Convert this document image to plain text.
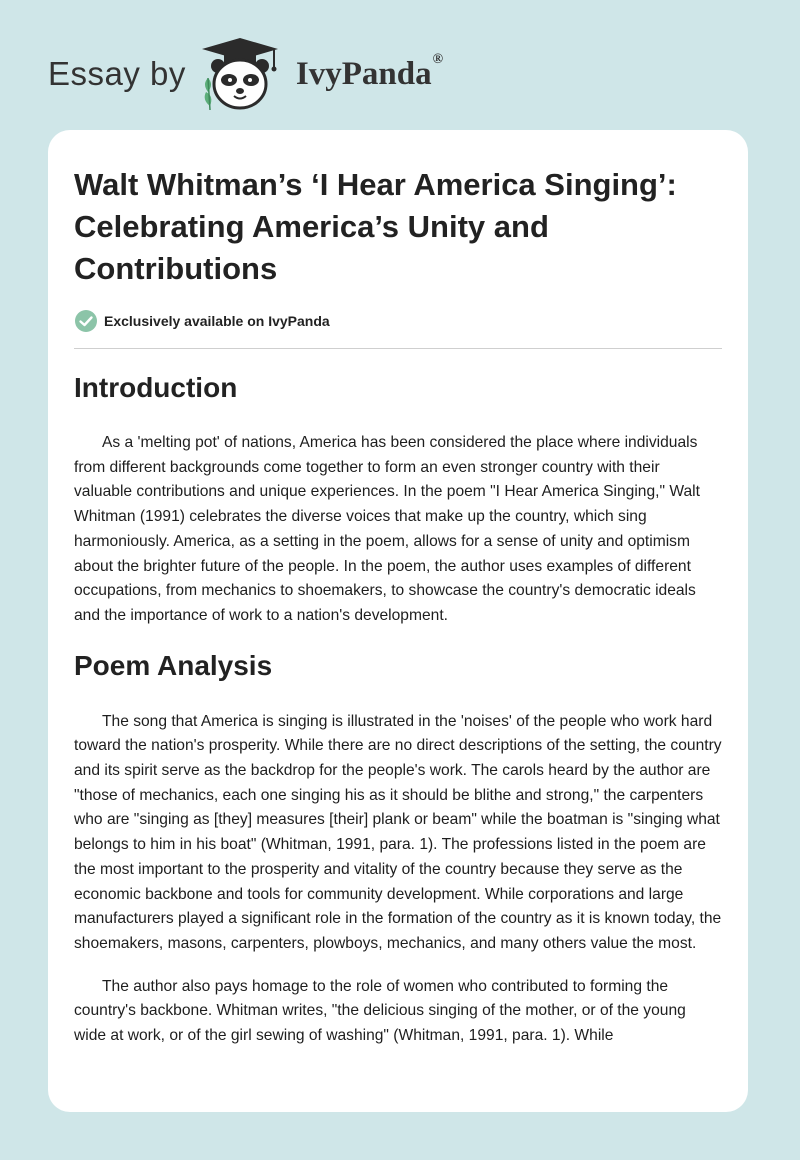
Essay by	IvyPanda®
Walt Whitman’s ‘I Hear America Singing’: Celebrating America’s Unity and Contributions
Exclusively available on IvyPanda
Introduction

As a 'melting pot' of nations, America has been considered the place where individuals from different backgrounds come together to form an even stronger country with their valuable contributions and unique experiences. In the poem "I Hear America Singing," Walt Whitman (1991) celebrates the diverse voices that make up the country, which sing harmoniously. America, as a setting in the poem, allows for a sense of unity and optimism about the brighter future of the people. In the poem, the author uses examples of different occupations, from mechanics to shoemakers, to showcase the country's democratic ideals and the importance of work to a nation's development.

Poem Analysis

The song that America is singing is illustrated in the 'noises' of the people who work hard toward the nation's prosperity. While there are no direct descriptions of the setting, the country and its spirit serve as the backdrop for the people's work. The carols heard by the author are "those of mechanics, each one singing his as it should be blithe and strong," the carpenters who are "singing as [they] measures [their] plank or beam" while the boatman is "singing what belongs to him in his boat" (Whitman, 1991, para. 1). The professions listed in the poem are the most important to the prosperity and vitality of the country because they serve as the economic backbone and tools for community development. While corporations and large manufacturers played a significant role in the formation of the country as it is known today, the shoemakers, masons, carpenters, plowboys, mechanics, and many others value the most.

The author also pays homage to the role of women who contributed to forming the country's backbone. Whitman writes, "the delicious singing of the mother, or of the young wide at work, or of the girl sewing of washing" (Whitman, 1991, para. 1). While
